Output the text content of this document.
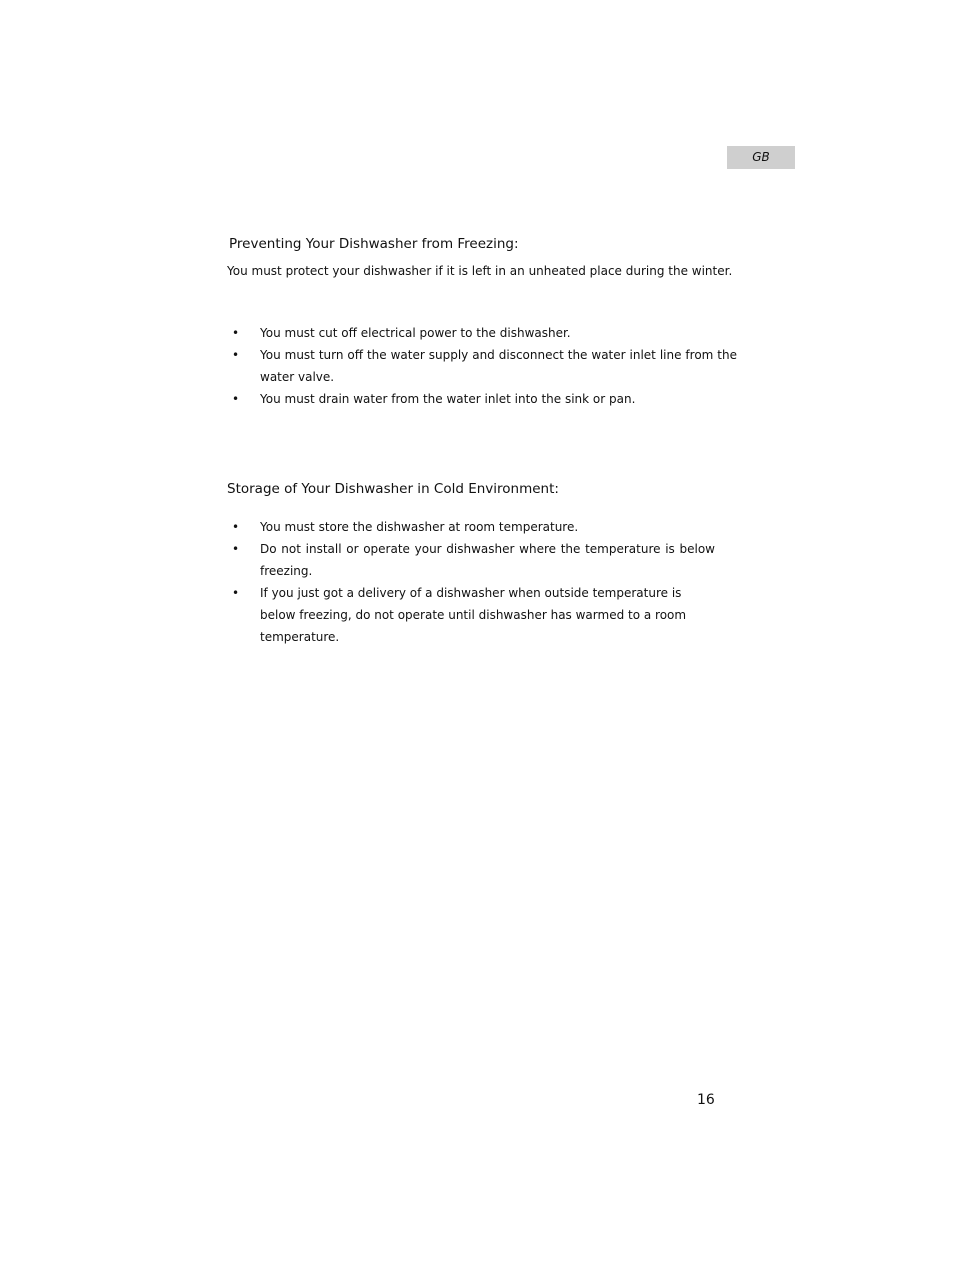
GB
Preventing Your Dishwasher from Freezing:
You must protect your dishwasher if it is left in an unheated place during the winter.
• You must cut off electrical power to the dishwasher.
• You must turn off the water supply and disconnect the water inlet line from the water valve.
• You must drain water from the water inlet into the sink or pan.
Storage of Your Dishwasher in Cold Environment:
• You must store the dishwasher at room temperature.
• Do not install or operate your dishwasher where the temperature is below freezing.
• If you just got a delivery of a dishwasher when outside temperature is below freezing, do not operate until dishwasher has warmed to a room temperature.
16
